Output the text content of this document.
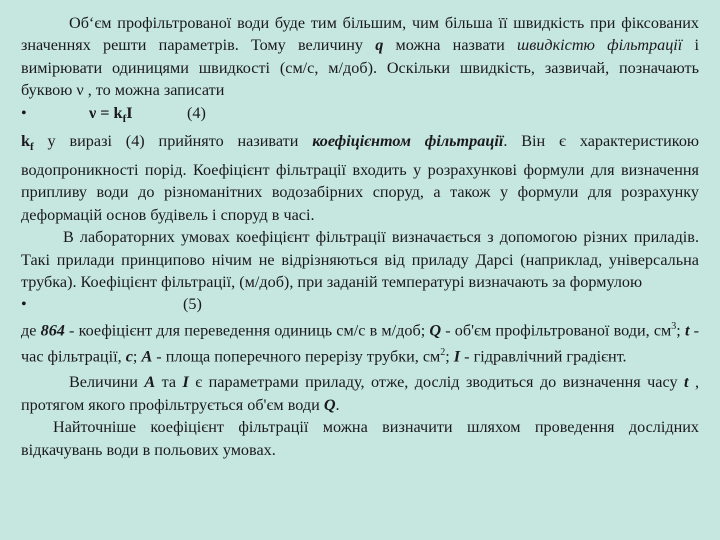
Об‘єм профільтрованої води буде тим більшим, чим більша її швидкість при фіксованих значеннях решти параметрів. Тому величину q можна назвати швидкістю фільтрації і вимірювати одиницями швидкості (см/с, м/доб). Оскільки швидкість, зазвичай, позначають буквою ν , то можна записати

•	$\nu = k_fI$	(4)

$k_f$ у виразі (4) прийнято називати коефіцієнтом фільтрації. Він є характеристикою водопроникності порід. Коефіцієнт фільтрації входить у розрахункові формули для визначення припливу води до різноманітних водозабірних споруд, а також у формули для розрахунку деформацій основ будівель і споруд в часі.

В лабораторних умовах коефіцієнт фільтрації визначається з допомогою різних приладів. Такі прилади принципово нічим не відрізняються від приладу Дарсі (наприклад, універсальна трубка). Коефіцієнт фільтрації, (м/доб), при заданій температурі визначають за формулою

•	(5)

де 864 - коефіцієнт для переведення одиниць см/с в м/доб; Q - об'єм профільтрованої води, $см^3$; t - час фільтрації, с; A - площа поперечного перерізу трубки, $см^2$; I - гідравлічний градієнт.

Величини A та I є параметрами приладу, отже, дослід зводиться до визначення часу t , протягом якого профільтрується об'єм води Q.

Найточніше коефіцієнт фільтрації можна визначити шляхом проведення дослідних відкачувань води в польових умовах.
